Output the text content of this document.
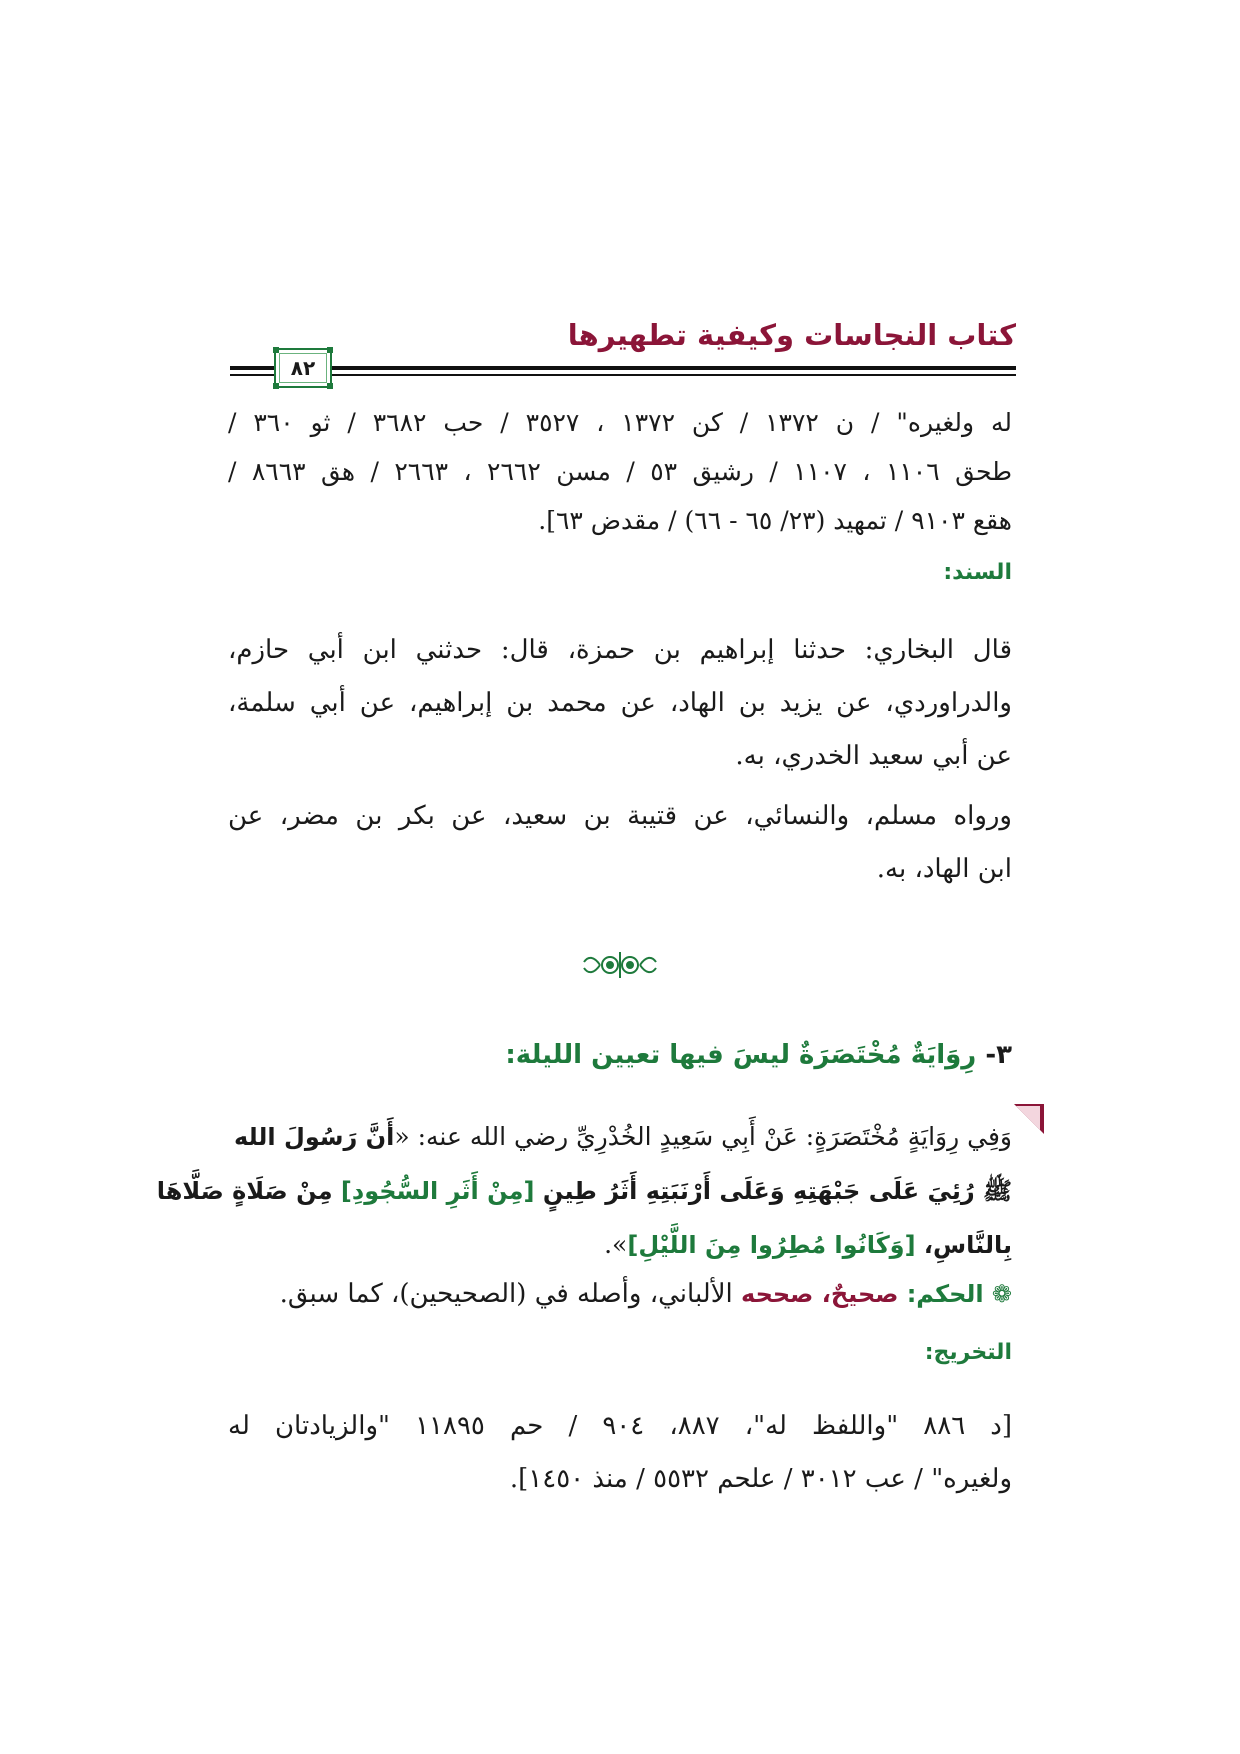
كتاب النجاسات وكيفية تطهيرها
٨٢
له ولغيره" / ن ١٣٧٢ / كن ١٣٧٢ ، ٣٥٢٧ / حب ٣٦٨٢ / ثو ٣٦٠ /
طحق ١١٠٦ ، ١١٠٧ / رشيق ٥٣ / مسن ٢٦٦٢ ، ٢٦٦٣ / هق ٨٦٦٣ /
هقع ٩١٠٣ / تمهيد (٢٣/ ٦٥ - ٦٦) / مقدض ٦٣].
السند:
قال البخاري: حدثنا إبراهيم بن حمزة، قال: حدثني ابن أبي حازم،
والدراوردي، عن يزيد بن الهاد، عن محمد بن إبراهيم، عن أبي سلمة،
عن أبي سعيد الخدري، به.
ورواه مسلم، والنسائي، عن قتيبة بن سعيد، عن بكر بن مضر، عن
ابن الهاد، به.
٣- رِوَايَةٌ مُخْتَصَرَةٌ ليسَ فيها تعيين الليلة:
وَفِي رِوَايَةٍ مُخْتَصَرَةٍ: عَنْ أَبِي سَعِيدٍ الخُدْرِيِّ رضي الله عنه: «أَنَّ رَسُولَ الله
ﷺ رُئِيَ عَلَى جَبْهَتِهِ وَعَلَى أَرْنَبَتِهِ أَثَرُ طِينٍ [مِنْ أَثَرِ السُّجُودِ] مِنْ صَلَاةٍ صَلَّاهَا
بِالنَّاسِ، [وَكَانُوا مُطِرُوا مِنَ اللَّيْلِ]».
❁ الحكم: صحيحٌ، صححه الألباني، وأصله في (الصحيحين)، كما سبق.
التخريج:
[د ٨٨٦ "واللفظ له"، ٨٨٧، ٩٠٤ / حم ١١٨٩٥ "والزيادتان له
ولغيره" / عب ٣٠١٢ / علحم ٥٥٣٢ / منذ ١٤٥٠].
